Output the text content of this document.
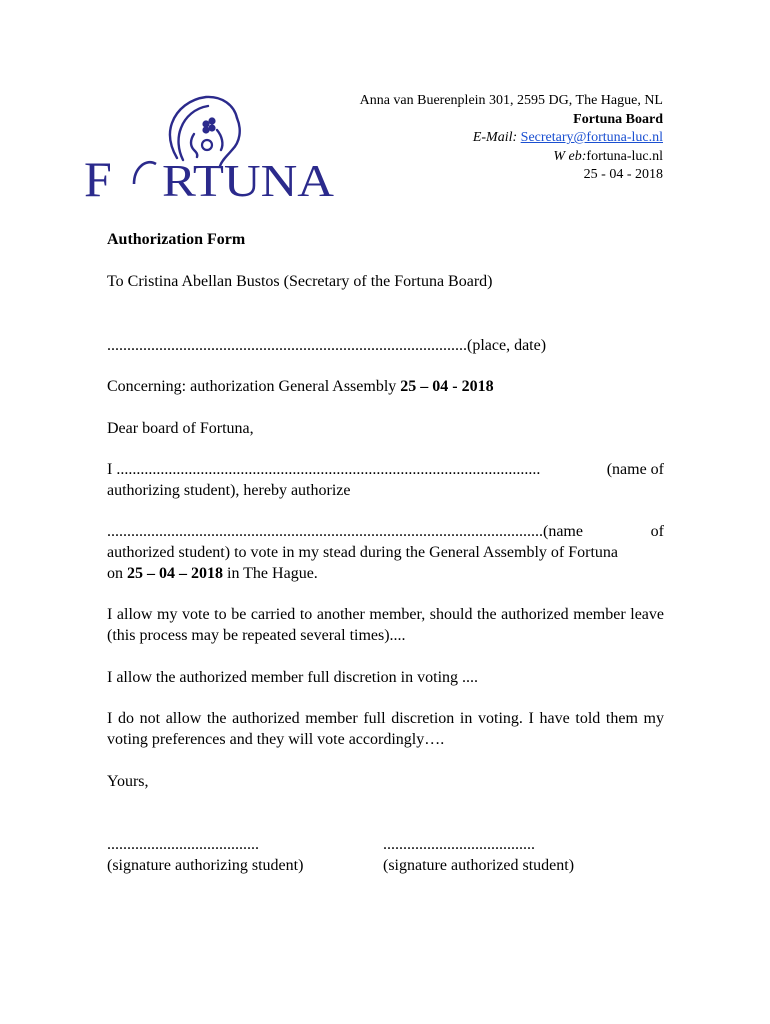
F RTUNA
Anna van Buerenplein 301, 2595 DG, The Hague, NL
Fortuna Board
E-Mail: Secretary@fortuna-luc.nl
W eb:fortuna-luc.nl
25 - 04 - 2018
Authorization Form
To Cristina Abellan Bustos (Secretary of the Fortuna Board)
..........................................................................................(place, date)
Concerning: authorization General Assembly 25 – 04 - 2018
Dear board of Fortuna,
I ..........................................................................................................	(name of
authorizing student), hereby authorize
.............................................................................................................(name	of
authorized student) to vote in my stead during the General Assembly of Fortuna
on 25 – 04 – 2018 in The Hague.
I allow my vote to be carried to another member, should the authorized member leave (this process may be repeated several times)....
I allow the authorized member full discretion in voting ....
I do not allow the authorized member full discretion in voting. I have told them my voting preferences and they will vote accordingly….
Yours,
......................................
(signature authorizing student)
......................................
(signature authorized student)
